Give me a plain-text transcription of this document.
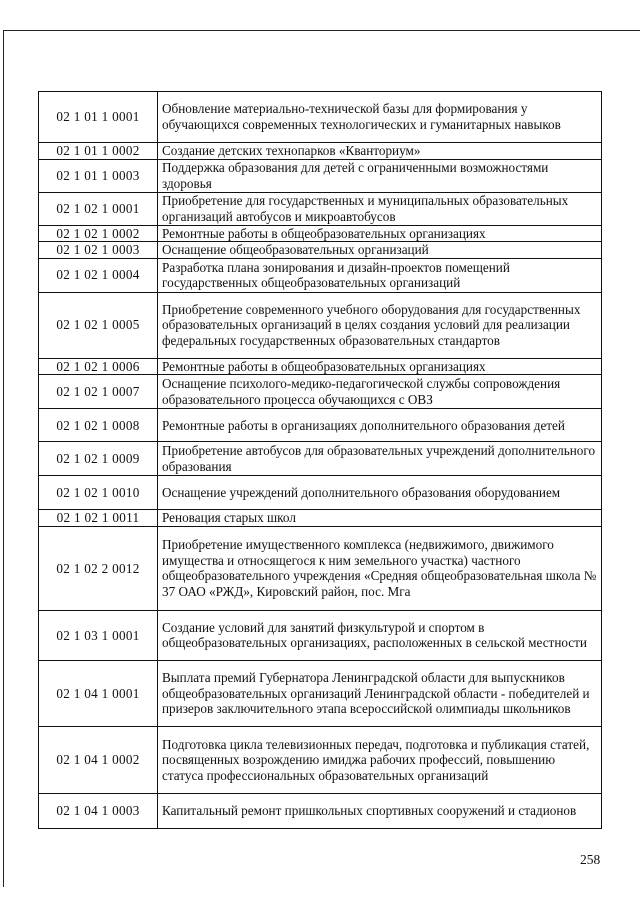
02 1 01 1 0001	Обновление материально-технической базы для формирования у обучающихся современных технологических и гуманитарных навыков
02 1 01 1 0002	Создание детских технопарков «Кванториум»
02 1 01 1 0003	Поддержка образования для детей с ограниченными возможностями здоровья
02 1 02 1 0001	Приобретение для государственных и муниципальных образовательных организаций автобусов и микроавтобусов
02 1 02 1 0002	Ремонтные работы в общеобразовательных организациях
02 1 02 1 0003	Оснащение общеобразовательных организаций
02 1 02 1 0004	Разработка плана зонирования и дизайн-проектов помещений государственных общеобразовательных организаций
02 1 02 1 0005	Приобретение современного учебного оборудования для государственных образовательных организаций в целях создания условий для реализации федеральных государственных образовательных стандартов
02 1 02 1 0006	Ремонтные работы в общеобразовательных организациях
02 1 02 1 0007	Оснащение психолого-медико-педагогической службы сопровождения образовательного процесса обучающихся с ОВЗ
02 1 02 1 0008	Ремонтные работы в организациях дополнительного образования детей
02 1 02 1 0009	Приобретение автобусов для образовательных учреждений дополнительного образования
02 1 02 1 0010	Оснащение учреждений дополнительного образования оборудованием
02 1 02 1 0011	Реновация старых школ
02 1 02 2 0012	Приобретение имущественного комплекса (недвижимого, движимого имущества и относящегося к ним земельного участка) частного общеобразовательного учреждения «Средняя общеобразовательная школа № 37 ОАО «РЖД», Кировский район, пос. Мга
02 1 03 1 0001	Создание условий для занятий физкультурой и спортом в общеобразовательных организациях, расположенных в сельской местности
02 1 04 1 0001	Выплата премий Губернатора Ленинградской области для выпускников общеобразовательных организаций Ленинградской области - победителей и призеров заключительного этапа всероссийской олимпиады школьников
02 1 04 1 0002	Подготовка цикла телевизионных передач, подготовка и публикация статей, посвященных возрождению имиджа рабочих профессий, повышению статуса профессиональных образовательных организаций
02 1 04 1 0003	Капитальный ремонт пришкольных спортивных сооружений и стадионов
258
